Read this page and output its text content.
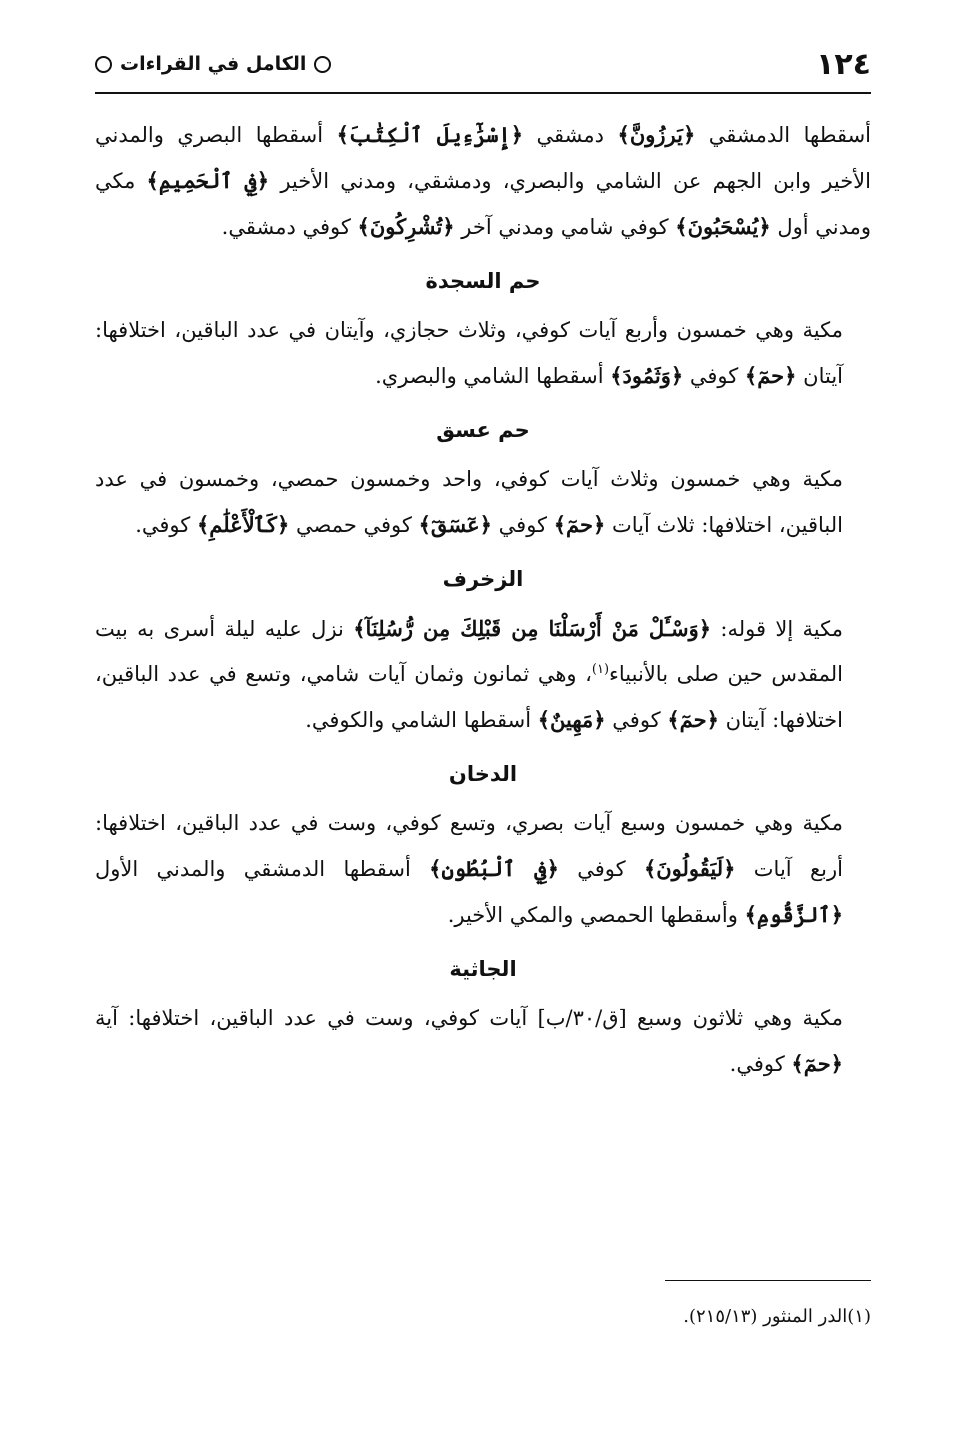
١٢٤
الكامل في القراءات

أسقطها الدمشقي ﴿يَرزُونَّ﴾ دمشقي ﴿إِسْرَٰٓءِيلَ ٱلْكِتَٰبَ﴾ أسقطها البصري والمدني الأخير وابن الجهم عن الشامي والبصري، ودمشقي، ومدني الأخير ﴿فِي ٱلْحَمِيمِ﴾ مكي ومدني أول ﴿يُسْحَبُونَ﴾ كوفي شامي ومدني آخر ﴿تُشْرِكُونَ﴾ كوفي دمشقي.

حم السجدة

مكية وهي خمسون وأربع آيات كوفي، وثلاث حجازي، وآيتان في عدد الباقين، اختلافها: آيتان ﴿حمٓ﴾ كوفي ﴿وَثَمُودَ﴾ أسقطها الشامي والبصري.

حم عسق

مكية وهي خمسون وثلاث آيات كوفي، واحد وخمسون حمصي، وخمسون في عدد الباقين، اختلافها: ثلاث آيات ﴿حمٓ﴾ كوفي ﴿عٓسٓقٓ﴾ كوفي حمصي ﴿كَٱلْأَعْلَٰمِ﴾ كوفي.

الزخرف

مكية إلا قوله: ﴿وَسْـَٔلْ مَنْ أَرْسَلْنَا مِن قَبْلِكَ مِن رُّسُلِنَآ﴾ نزل عليه ليلة أسرى به بيت المقدس حين صلى بالأنبياء$^{(١)}$، وهي ثمانون وثمان آيات شامي، وتسع في عدد الباقين، اختلافها: آيتان ﴿حمٓ﴾ كوفي ﴿مَهِينٌ﴾ أسقطها الشامي والكوفي.

الدخان

مكية وهي خمسون وسبع آيات بصري، وتسع كوفي، وست في عدد الباقين، اختلافها: أربع آيات ﴿لَيَقُولُونَ﴾ كوفي ﴿فِي ٱلْبُطُونِ﴾ أسقطها الدمشقي والمدني الأول ﴿ٱلزَّقُّومِ﴾ وأسقطها الحمصي والمكي الأخير.

الجاثية

مكية وهي ثلاثون وسبع [ق/٣٠/ب] آيات كوفي، وست في عدد الباقين، اختلافها: آية ﴿حمٓ﴾ كوفي.

(١)الدر المنثور (٢١٥/١٣).
